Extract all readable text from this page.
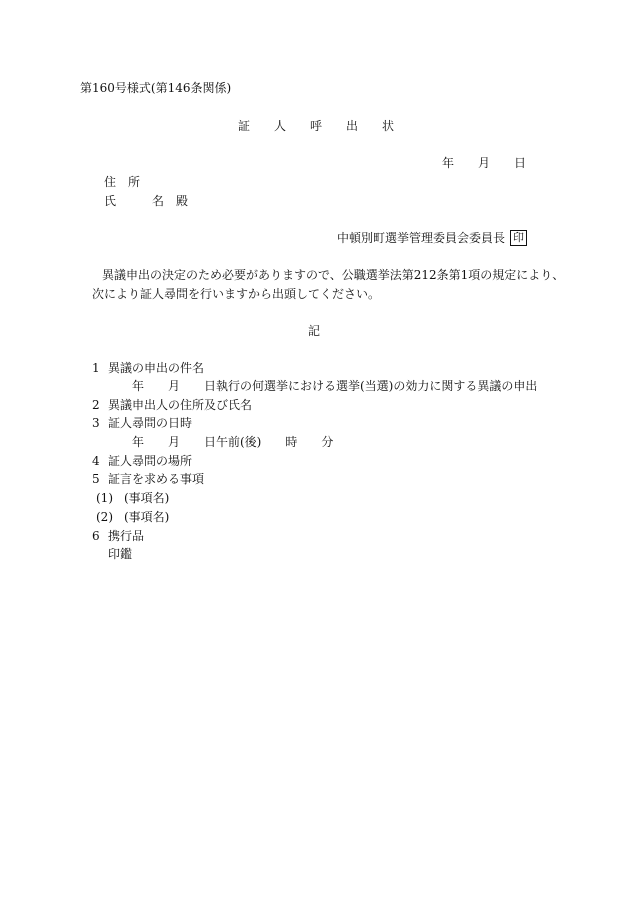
第160号様式(第146条関係)
証　　人　　呼　　出　　状
年　　月　　日
住　所
氏　　　名　殿
中頓別町選挙管理委員会委員長 印
異議申出の決定のため必要がありますので、公職選挙法第212条第1項の規定により、
次により証人尋問を行いますから出頭してください。
記
1 異議の申出の件名
年　　月　　日執行の何選挙における選挙(当選)の効力に関する異議の申出
2 異議申出人の住所及び氏名
3 証人尋問の日時
年　　月　　日午前(後)　　時　　分
4 証人尋問の場所
5 証言を求める事項
(1) (事項名)
(2) (事項名)
6 携行品
印鑑
